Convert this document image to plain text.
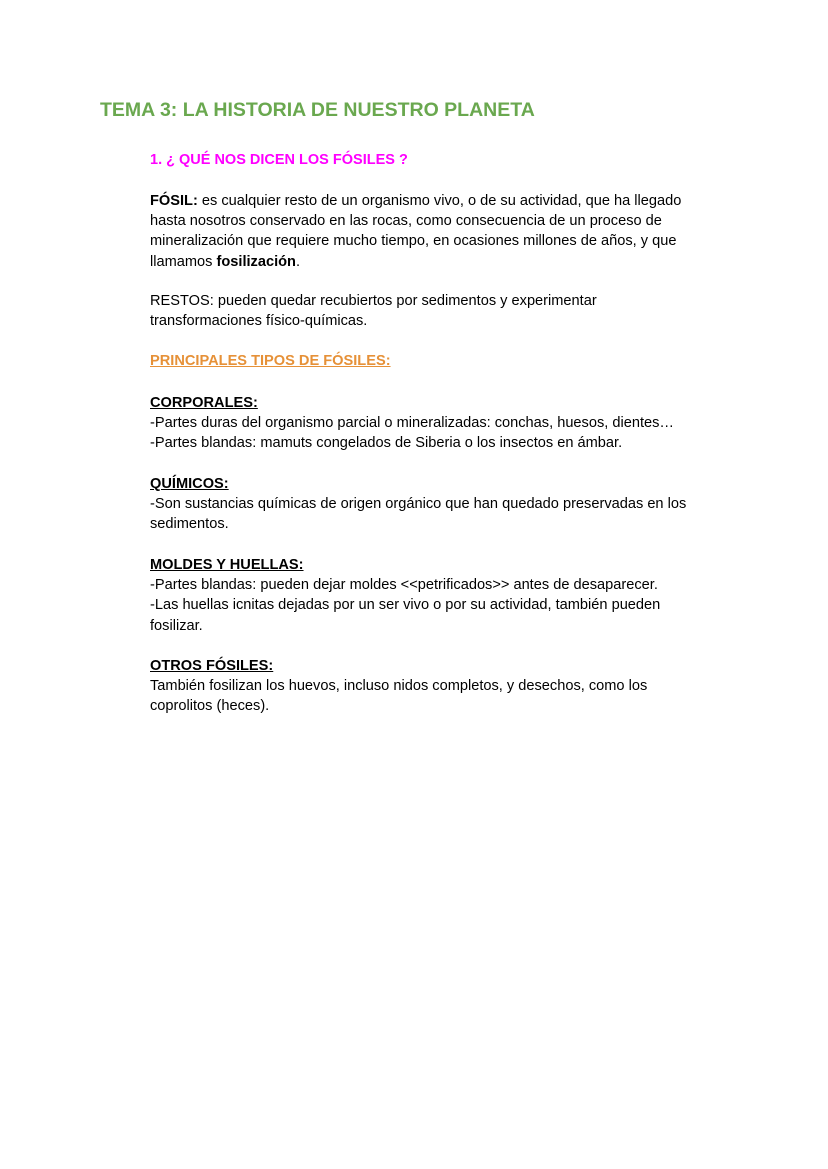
TEMA 3: LA HISTORIA DE NUESTRO PLANETA
1. ¿ QUÉ NOS DICEN LOS FÓSILES ?
FÓSIL: es cualquier resto de un organismo vivo, o de su actividad, que ha llegado
hasta nosotros conservado en las rocas, como consecuencia de un proceso de
mineralización que requiere mucho tiempo, en ocasiones millones de años, y que
llamamos fosilización.
RESTOS: pueden quedar recubiertos por sedimentos y experimentar
transformaciones físico-químicas.
PRINCIPALES TIPOS DE FÓSILES:
CORPORALES:
-Partes duras del organismo parcial o mineralizadas: conchas, huesos, dientes…
-Partes blandas: mamuts congelados de Siberia o los insectos en ámbar.
QUÍMICOS:
-Son sustancias químicas de origen orgánico que han quedado preservadas en los
sedimentos.
MOLDES Y HUELLAS:
-Partes blandas: pueden dejar moldes <<petrificados>> antes de desaparecer.
-Las huellas icnitas dejadas por un ser vivo o por su actividad, también pueden
fosilizar.
OTROS FÓSILES:
También fosilizan los huevos, incluso nidos completos, y desechos, como los
coprolitos (heces).
